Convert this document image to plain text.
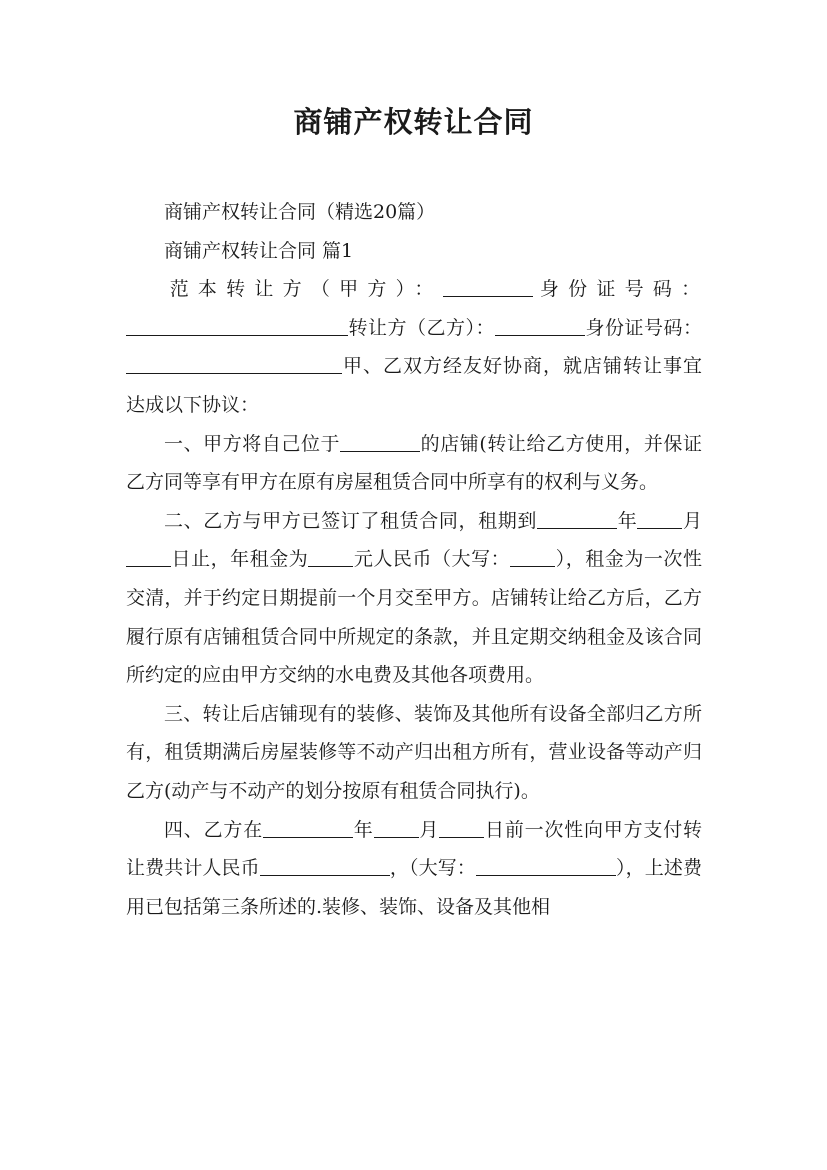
商铺产权转让合同

商铺产权转让合同（精选20篇）

商铺产权转让合同 篇1

范本转让方（甲方）：	身份证号码：转让方（乙方）：	身份证号码：甲、乙双方经友好协商，就店铺转让事宜达成以下协议：

一、甲方将自己位于	的店铺(转让给乙方使用，并保证乙方同等享有甲方在原有房屋租赁合同中所享有的权利与义务。

二、乙方与甲方已签订了租赁合同，租期到	年 月日止，年租金为 元人民币（大写： ），租金为一次性交清，并于约定日期提前一个月交至甲方。店铺转让给乙方后，乙方履行原有店铺租赁合同中所规定的条款，并且定期交纳租金及该合同所约定的应由甲方交纳的水电费及其他各项费用。

三、转让后店铺现有的装修、装饰及其他所有设备全部归乙方所有，租赁期满后房屋装修等不动产归出租方所有，营业设备等动产归乙方(动产与不动产的划分按原有租赁合同执行)。

四、乙方在	年 月 日前一次性向甲方支付转让费共计人民币	，（大写：	），上述费用已包括第三条所述的.装修、装饰、设备及其他相
